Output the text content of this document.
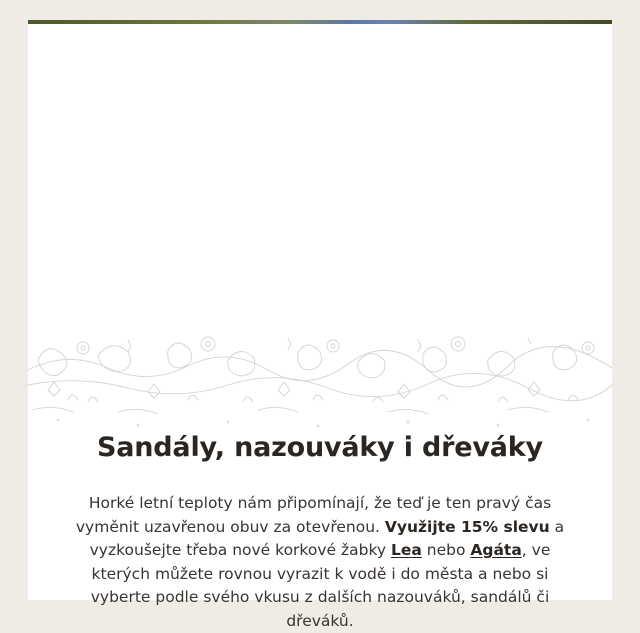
Sandály, nazouváky i dřeváky

Horké letní teploty nám připomínají, že teď je ten pravý čas vyměnit uzavřenou obuv za otevřenou. Využijte 15% slevu a vyzkoušejte třeba nové korkové žabky Lea nebo Agáta, ve kterých můžete rovnou vyrazit k vodě i do města a nebo si vyberte podle svého vkusu z dalších nazouváků, sandálů či dřeváků.
